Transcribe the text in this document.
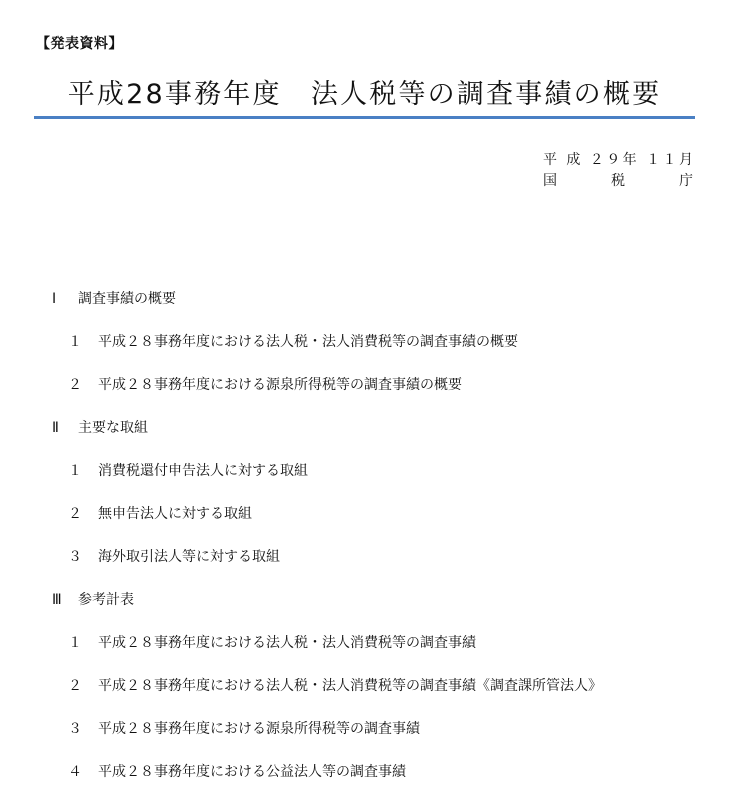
【発表資料】
平成28事務年度　法人税等の調査事績の概要
平 成 ２９年 １１月
国 税 庁
Ⅰ 調査事績の概要
１ 平成２８事務年度における法人税・法人消費税等の調査事績の概要
２ 平成２８事務年度における源泉所得税等の調査事績の概要
Ⅱ 主要な取組
１ 消費税還付申告法人に対する取組
２ 無申告法人に対する取組
３ 海外取引法人等に対する取組
Ⅲ 参考計表
１ 平成２８事務年度における法人税・法人消費税等の調査事績
２ 平成２８事務年度における法人税・法人消費税等の調査事績《調査課所管法人》
３ 平成２８事務年度における源泉所得税等の調査事績
４ 平成２８事務年度における公益法人等の調査事績
